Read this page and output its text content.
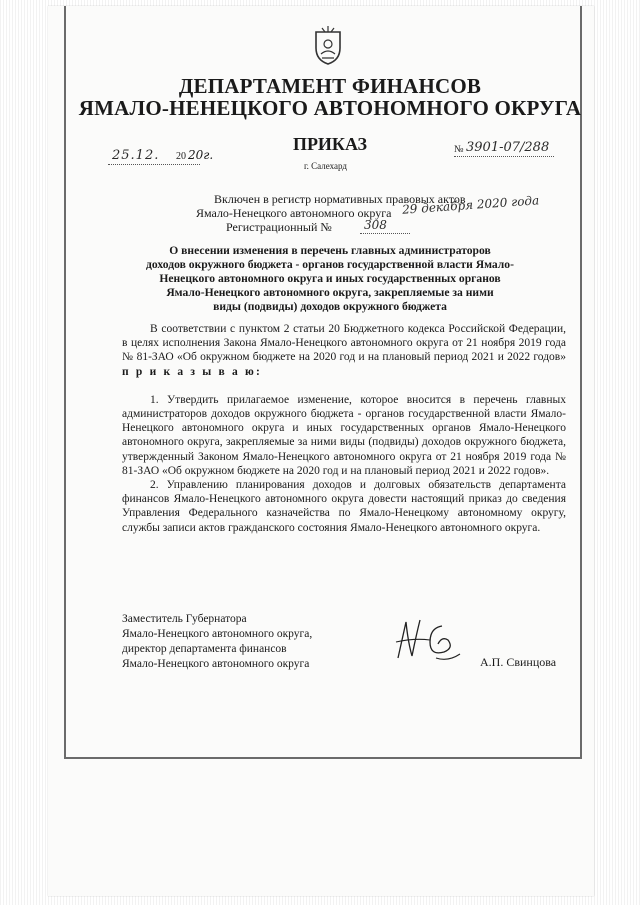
ДЕПАРТАМЕНТ ФИНАНСОВ
ЯМАЛО-НЕНЕЦКОГО АВТОНОМНОГО ОКРУГА
ПРИКАЗ
25.12. 20 20г.	№ 3901-07/288
г. Салехард
Включен в регистр нормативных правовых актов
Ямало-Ненецкого автономного округа 29 декабря 2020 года
Регистрационный №	308
О внесении изменения в перечень главных администраторов
доходов окружного бюджета - органов государственной власти Ямало-
Ненецкого автономного округа и иных государственных органов
Ямало-Ненецкого автономного округа, закрепляемые за ними
виды (подвиды) доходов окружного бюджета

В соответствии с пунктом 2 статьи 20 Бюджетного кодекса Российской Федерации, в целях исполнения Закона Ямало-Ненецкого автономного округа от 21 ноября 2019 года № 81-ЗАО «Об окружном бюджете на 2020 год и на плановый период 2021 и 2022 годов» п р и к а з ы в а ю:

1. Утвердить прилагаемое изменение, которое вносится в перечень главных администраторов доходов окружного бюджета - органов государственной власти Ямало-Ненецкого автономного округа и иных государственных органов Ямало-Ненецкого автономного округа, закрепляемые за ними виды (подвиды) доходов окружного бюджета, утвержденный Законом Ямало-Ненецкого автономного округа от 21 ноября 2019 года № 81-ЗАО «Об окружном бюджете на 2020 год и на плановый период 2021 и 2022 годов».

2. Управлению планирования доходов и долговых обязательств департамента финансов Ямало-Ненецкого автономного округа довести настоящий приказ до сведения Управления Федерального казначейства по Ямало-Ненецкому автономному округу, службы записи актов гражданского состояния Ямало-Ненецкого автономного округа.

Заместитель Губернатора
Ямало-Ненецкого автономного округа,
директор департамента финансов
Ямало-Ненецкого автономного округа	А.П. Свинцова
